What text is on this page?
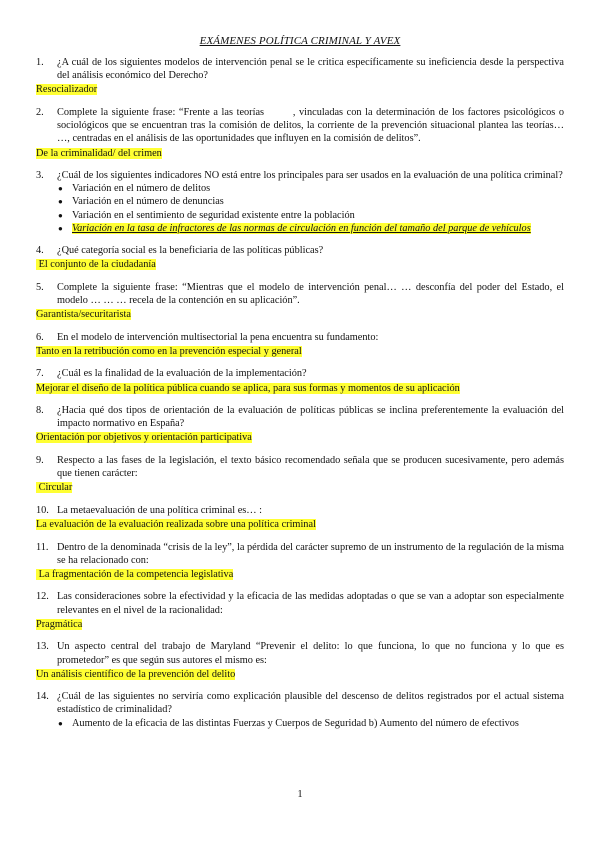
EXÁMENES POLÍTICA CRIMINAL Y AVEX
1.	¿A cuál de los siguientes modelos de intervención penal se le critica específicamente su ineficiencia desde la perspectiva del análisis económico del Derecho?
Resocializador
2.	Complete la siguiente frase: “Frente a las teorías        , vinculadas con la determinación de los factores psicológicos o sociológicos que se encuentran tras la comisión de delitos, la corriente de la prevención situacional plantea las teorías… …, centradas en el análisis de las oportunidades que influyen en la comisión de delitos”.
De la criminalidad/ del crimen
3.	¿Cuál de los siguientes indicadores NO está entre los principales para ser usados en la evaluación de una política criminal?
● Variación en el número de delitos
● Variación en el número de denuncias
● Variación en el sentimiento de seguridad existente entre la población
● Variación en la tasa de infractores de las normas de circulación en función del tamaño del parque de vehículos
4.	¿Qué categoría social es la beneficiaria de las políticas públicas?
El conjunto de la ciudadanía
5.	Complete la siguiente frase: “Mientras que el modelo de intervención penal… … desconfía del poder del Estado, el modelo … … … recela de la contención en su aplicación”.
Garantista/securitarista
6.	En el modelo de intervención multisectorial la pena encuentra su fundamento:
Tanto en la retribución como en la prevención especial y general
7.	¿Cuál es la finalidad de la evaluación de la implementación?
Mejorar el diseño de la política pública cuando se aplica, para sus formas y momentos de su aplicación
8.	¿Hacia qué dos tipos de orientación de la evaluación de políticas públicas se inclina preferentemente la evaluación del impacto normativo en España?
Orientación por objetivos y orientación participativa
9.	Respecto a las fases de la legislación, el texto básico recomendado señala que se producen sucesivamente, pero además que tienen carácter:
Circular
10. La metaevaluación de una política criminal es… :
La evaluación de la evaluación realizada sobre una política criminal
11. Dentro de la denominada “crisis de la ley”, la pérdida del carácter supremo de un instrumento de la regulación de la misma se ha relacionado con:
La fragmentación de la competencia legislativa
12. Las consideraciones sobre la efectividad y la eficacia de las medidas adoptadas o que se van a adoptar son especialmente relevantes en el nivel de la racionalidad:
Pragmática
13. Un aspecto central del trabajo de Maryland “Prevenir el delito: lo que funciona, lo que no funciona y lo que es prometedor” es que según sus autores el mismo es:
Un análisis científico de la prevención del delito
14. ¿Cuál de las siguientes no serviría como explicación plausible del descenso de delitos registrados por el actual sistema estadístico de criminalidad?
● Aumento de la eficacia de las distintas Fuerzas y Cuerpos de Seguridad b) Aumento del número de efectivos
1
